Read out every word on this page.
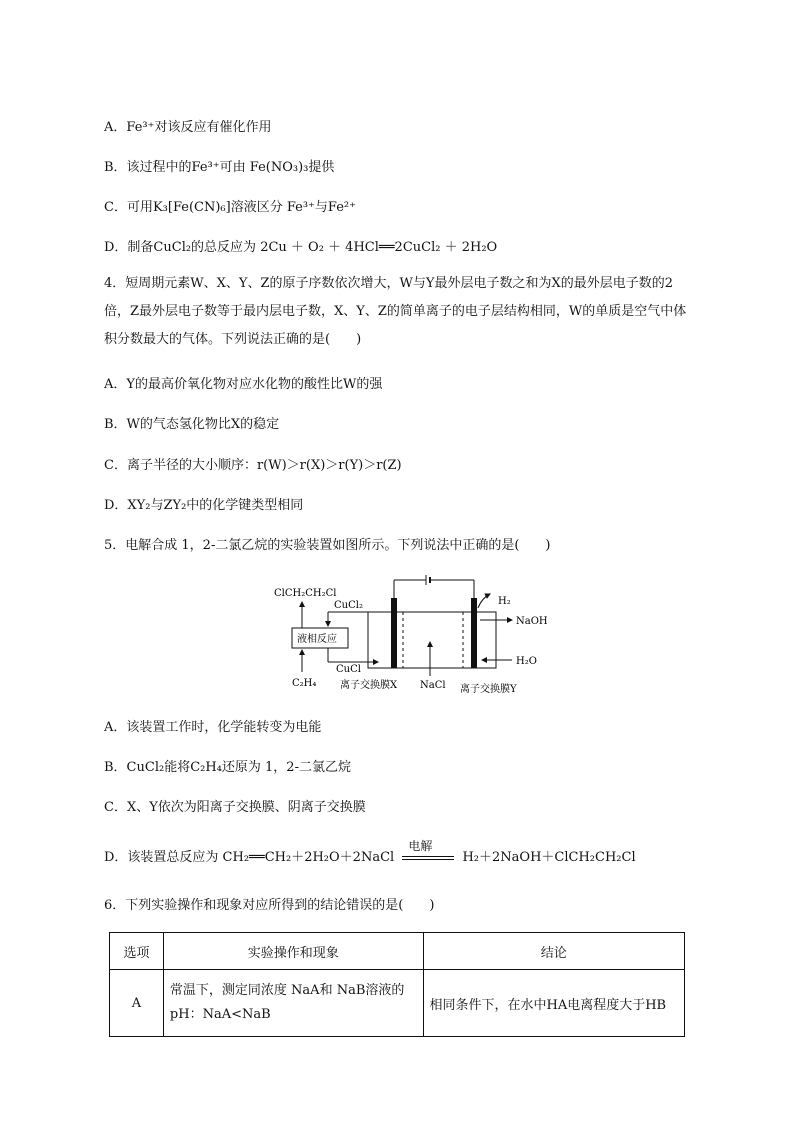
A．Fe³⁺对该反应有催化作用
B．该过程中的Fe³⁺可由 Fe(NO₃)₃提供
C．可用K₃[Fe(CN)₆]溶液区分 Fe³⁺与Fe²⁺
D．制备CuCl₂的总反应为 2Cu ＋ O₂ ＋ 4HCl══2CuCl₂ ＋ 2H₂O
4．短周期元素W、X、Y、Z的原子序数依次增大，W与Y最外层电子数之和为X的最外层电子数的2倍，Z最外层电子数等于最内层电子数，X、Y、Z的简单离子的电子层结构相同，W的单质是空气中体积分数最大的气体。下列说法正确的是(　　)
A．Y的最高价氧化物对应水化物的酸性比W的强
B．W的气态氢化物比X的稳定
C．离子半径的大小顺序：r(W)＞r(X)＞r(Y)＞r(Z)
D．XY₂与ZY₂中的化学键类型相同
5．电解合成 1，2-二氯乙烷的实验装置如图所示。下列说法中正确的是(　　)
ClCH₂CH₂Cl
CuCl₂
液相反应
CuCl
C₂H₄ 离子交换膜X NaCl 离子交换膜Y
H₂
NaOH
H₂O
A．该装置工作时，化学能转变为电能
B．CuCl₂能将C₂H₄还原为 1，2-二氯乙烷
C．X、Y依次为阳离子交换膜、阴离子交换膜
D．该装置总反应为 CH₂══CH₂＋2H₂O＋2NaCl
电解
H₂＋2NaOH＋ClCH₂CH₂Cl
6．下列实验操作和现象对应所得到的结论错误的是(　　)
选项	实验操作和现象	结论
A	常温下，测定同浓度 NaA和 NaB溶液的pH：NaA<NaB	相同条件下，在水中HA电离程度大于HB
